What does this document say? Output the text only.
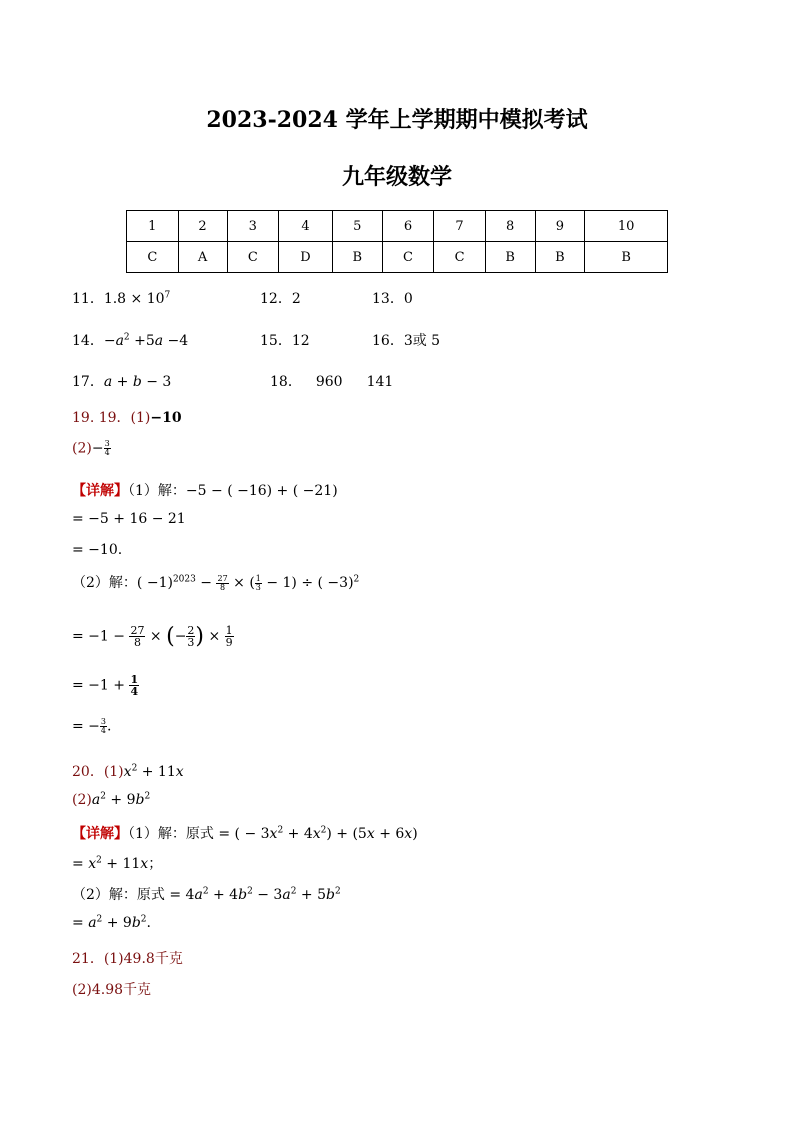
2023-2024 学年上学期期中模拟考试
九年级数学
1	2	3	4	5	6	7	8	9	10
C	A	C	D	B	C	C	B	B	B
11．$1.8 \times 10^7$	12．2	13．0
14．$-a^2 +5a -4$	15．12	16．3或 5
17．a + b − 3	18． 960 141
19. 19．(1)−10
$(2)- \frac{3}{4}$
【详解】（1）解：−5 − ( −16) + ( −21)
= −5 + 16 − 21
= −10.
（2）解：( $-1)^{2023} - \frac{27}{8}$ × ( $\frac{1}{3} - 1$) ÷ ( −3)$^2$
= $-1 - \frac{27}{8}$ × (− $\frac{2}{3}$ ) × $\frac{1}{9}$
= $-1 + \frac{1}{4}$
= − $\frac{3}{4}$ .
20．$(1)x^2 + 11x$
$(2)a^2 + 9b^2$
【详解】（1）解：原式 = ( − $3x^2 + 4x^2) + (5x + 6x)$
= $x^2 + 11x$；
（2）解：原式 = $4a^2 + 4b^2 - 3a^2 + 5b^2$
= $a^2 + 9b^2$.
21．(1)49.8千克
(2)4.98千克
